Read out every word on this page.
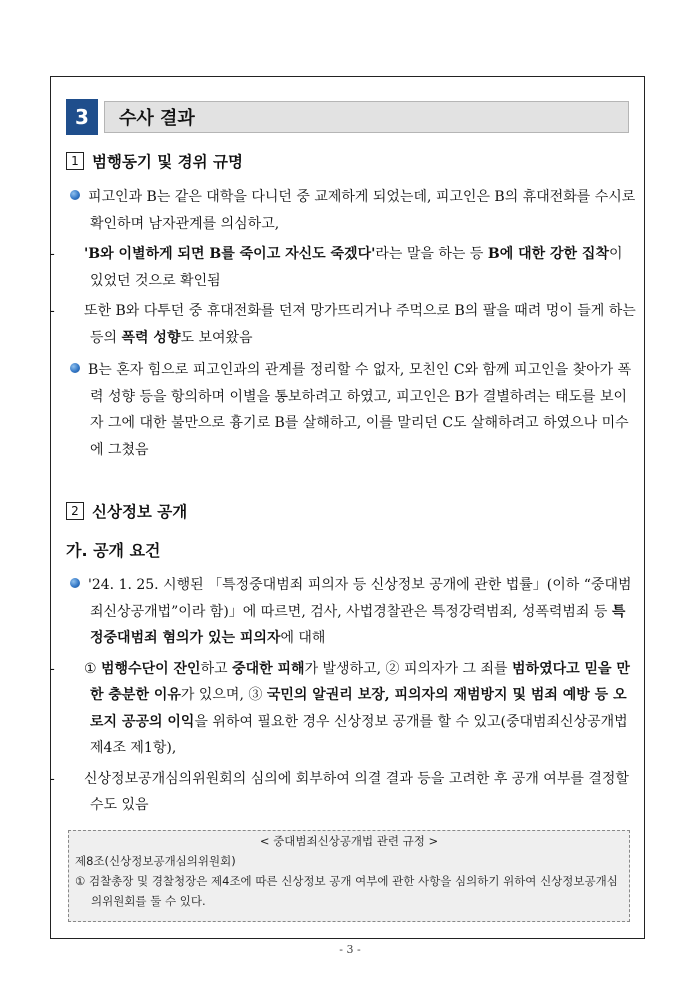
3	수사 결과
1 범행동기 및 경위 규명
피고인과 B는 같은 대학을 다니던 중 교제하게 되었는데, 피고인은 B의 휴대전화를 수시로 확인하며 남자관계를 의심하고,
- 'B와 이별하게 되면 B를 죽이고 자신도 죽겠다'라는 말을 하는 등 B에 대한 강한 집착이 있었던 것으로 확인됨
- 또한 B와 다투던 중 휴대전화를 던져 망가뜨리거나 주먹으로 B의 팔을 때려 멍이 들게 하는 등의 폭력 성향도 보여왔음
B는 혼자 힘으로 피고인과의 관계를 정리할 수 없자, 모친인 C와 함께 피고인을 찾아가 폭력 성향 등을 항의하며 이별을 통보하려고 하였고, 피고인은 B가 결별하려는 태도를 보이자 그에 대한 불만으로 흉기로 B를 살해하고, 이를 말리던 C도 살해하려고 하였으나 미수에 그쳤음
2 신상정보 공개
가. 공개 요건
'24. 1. 25. 시행된 「특정중대범죄 피의자 등 신상정보 공개에 관한 법률」(이하 “중대범죄신상공개법”이라 함)」에 따르면, 검사, 사법경찰관은 특정강력범죄, 성폭력범죄 등 특정중대범죄 혐의가 있는 피의자에 대해
- ① 범행수단이 잔인하고 중대한 피해가 발생하고, ② 피의자가 그 죄를 범하였다고 믿을 만한 충분한 이유가 있으며, ③ 국민의 알권리 보장, 피의자의 재범방지 및 범죄 예방 등 오로지 공공의 이익을 위하여 필요한 경우 신상정보 공개를 할 수 있고(중대범죄신상공개법 제4조 제1항),
- 신상정보공개심의위원회의 심의에 회부하여 의결 결과 등을 고려한 후 공개 여부를 결정할 수도 있음
< 중대범죄신상공개법 관련 규정 >
제8조(신상정보공개심의위원회)
① 검찰총장 및 경찰청장은 제4조에 따른 신상정보 공개 여부에 관한 사항을 심의하기 위하여 신상정보공개심의위원회를 둘 수 있다.
- 3 -
